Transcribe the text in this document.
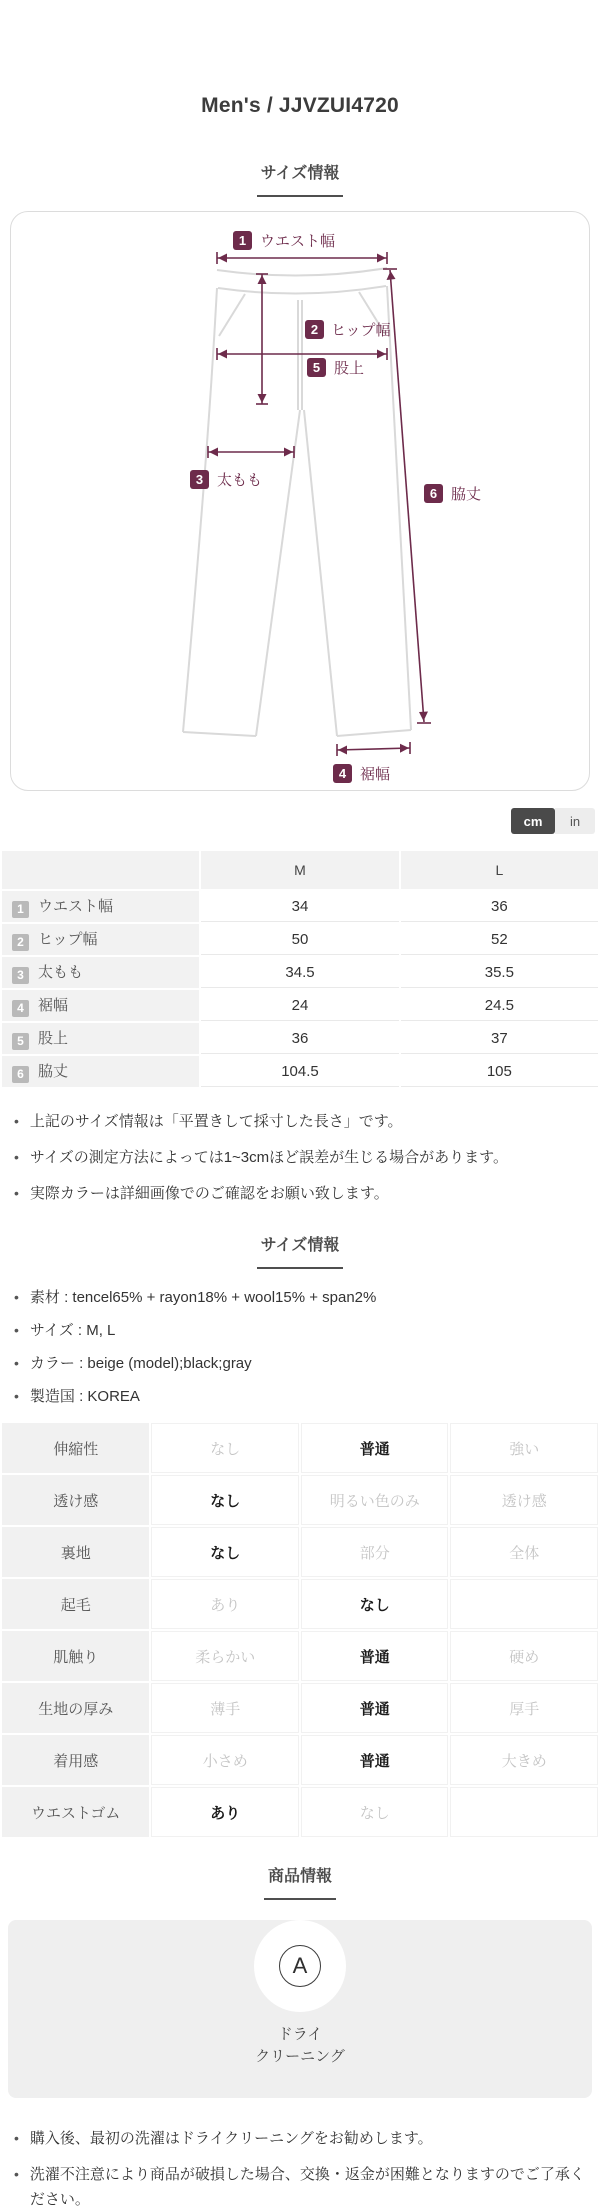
Men's / JJVZUI4720
サイズ情報
1 ウエスト幅
2 ヒップ幅
5 股上
3 太もも
6 脇丈
4 裾幅
cm	in
	M	L
1 ウエスト幅	34	36
2 ヒップ幅	50	52
3 太もも	34.5	35.5
4 裾幅	24	24.5
5 股上	36	37
6 脇丈	104.5	105
• 上記のサイズ情報は「平置きして採寸した長さ」です。
• サイズの測定方法によっては1~3cmほど誤差が生じる場合があります。
• 実際カラーは詳細画像でのご確認をお願い致します。
サイズ情報
• 素材 : tencel65% + rayon18% + wool15% + span2%
• サイズ : M, L
• カラー : beige (model);black;gray
• 製造国 : KOREA
伸縮性	なし	普通	強い
透け感	なし	明るい色のみ	透け感
裏地	なし	部分	全体
起毛	あり	なし	
肌触り	柔らかい	普通	硬め
生地の厚み	薄手	普通	厚手
着用感	小さめ	普通	大きめ
ウエストゴム	あり	なし	
商品情報
A
ドライ
クリーニング
• 購入後、最初の洗濯はドライクリーニングをお勧めします。
• 洗濯不注意により商品が破損した場合、交換・返金が困難となりますのでご了承ください。
